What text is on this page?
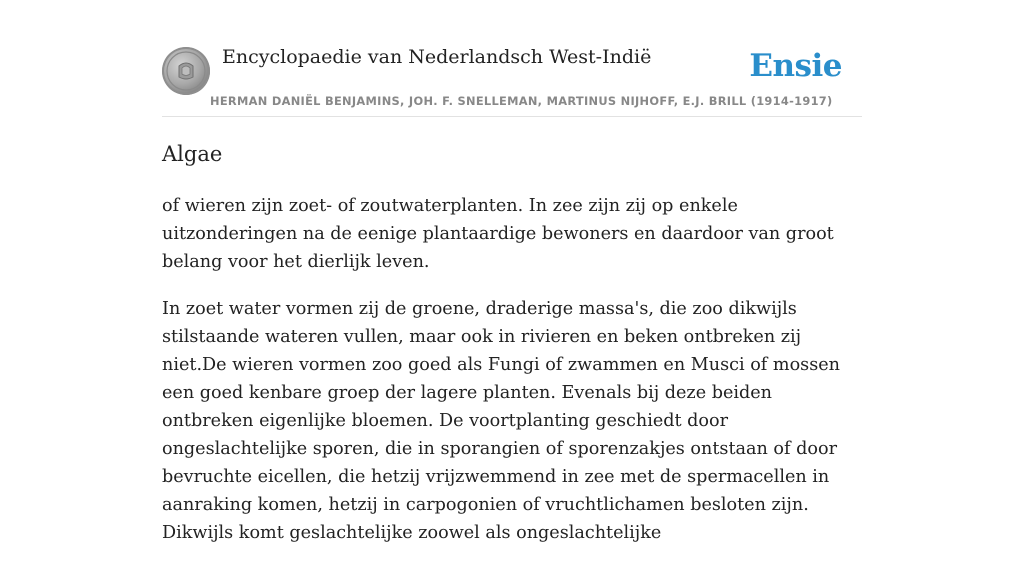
Encyclopaedie van Nederlandsch West-Indië	Ensie
HERMAN DANIËL BENJAMINS, JOH. F. SNELLEMAN, MARTINUS NIJHOFF, E.J. BRILL (1914-1917)
Algae

of wieren zijn zoet- of zoutwaterplanten. In zee zijn zij op enkele uitzonderingen na de eenige plantaardige bewoners en daardoor van groot belang voor het dierlijk leven.

In zoet water vormen zij de groene, draderige massa's, die zoo dikwijls stilstaande wateren vullen, maar ook in rivieren en beken ontbreken zij niet.De wieren vormen zoo goed als Fungi of zwammen en Musci of mossen een goed kenbare groep der lagere planten. Evenals bij deze beiden ontbreken eigenlijke bloemen. De voortplanting geschiedt door ongeslachtelijke sporen, die in sporangien of sporenzakjes ontstaan of door bevruchte eicellen, die hetzij vrijzwemmend in zee met de spermacellen in aanraking komen, hetzij in carpogonien of vruchtlichamen besloten zijn. Dikwijls komt geslachtelijke zoowel als ongeslachtelijke
